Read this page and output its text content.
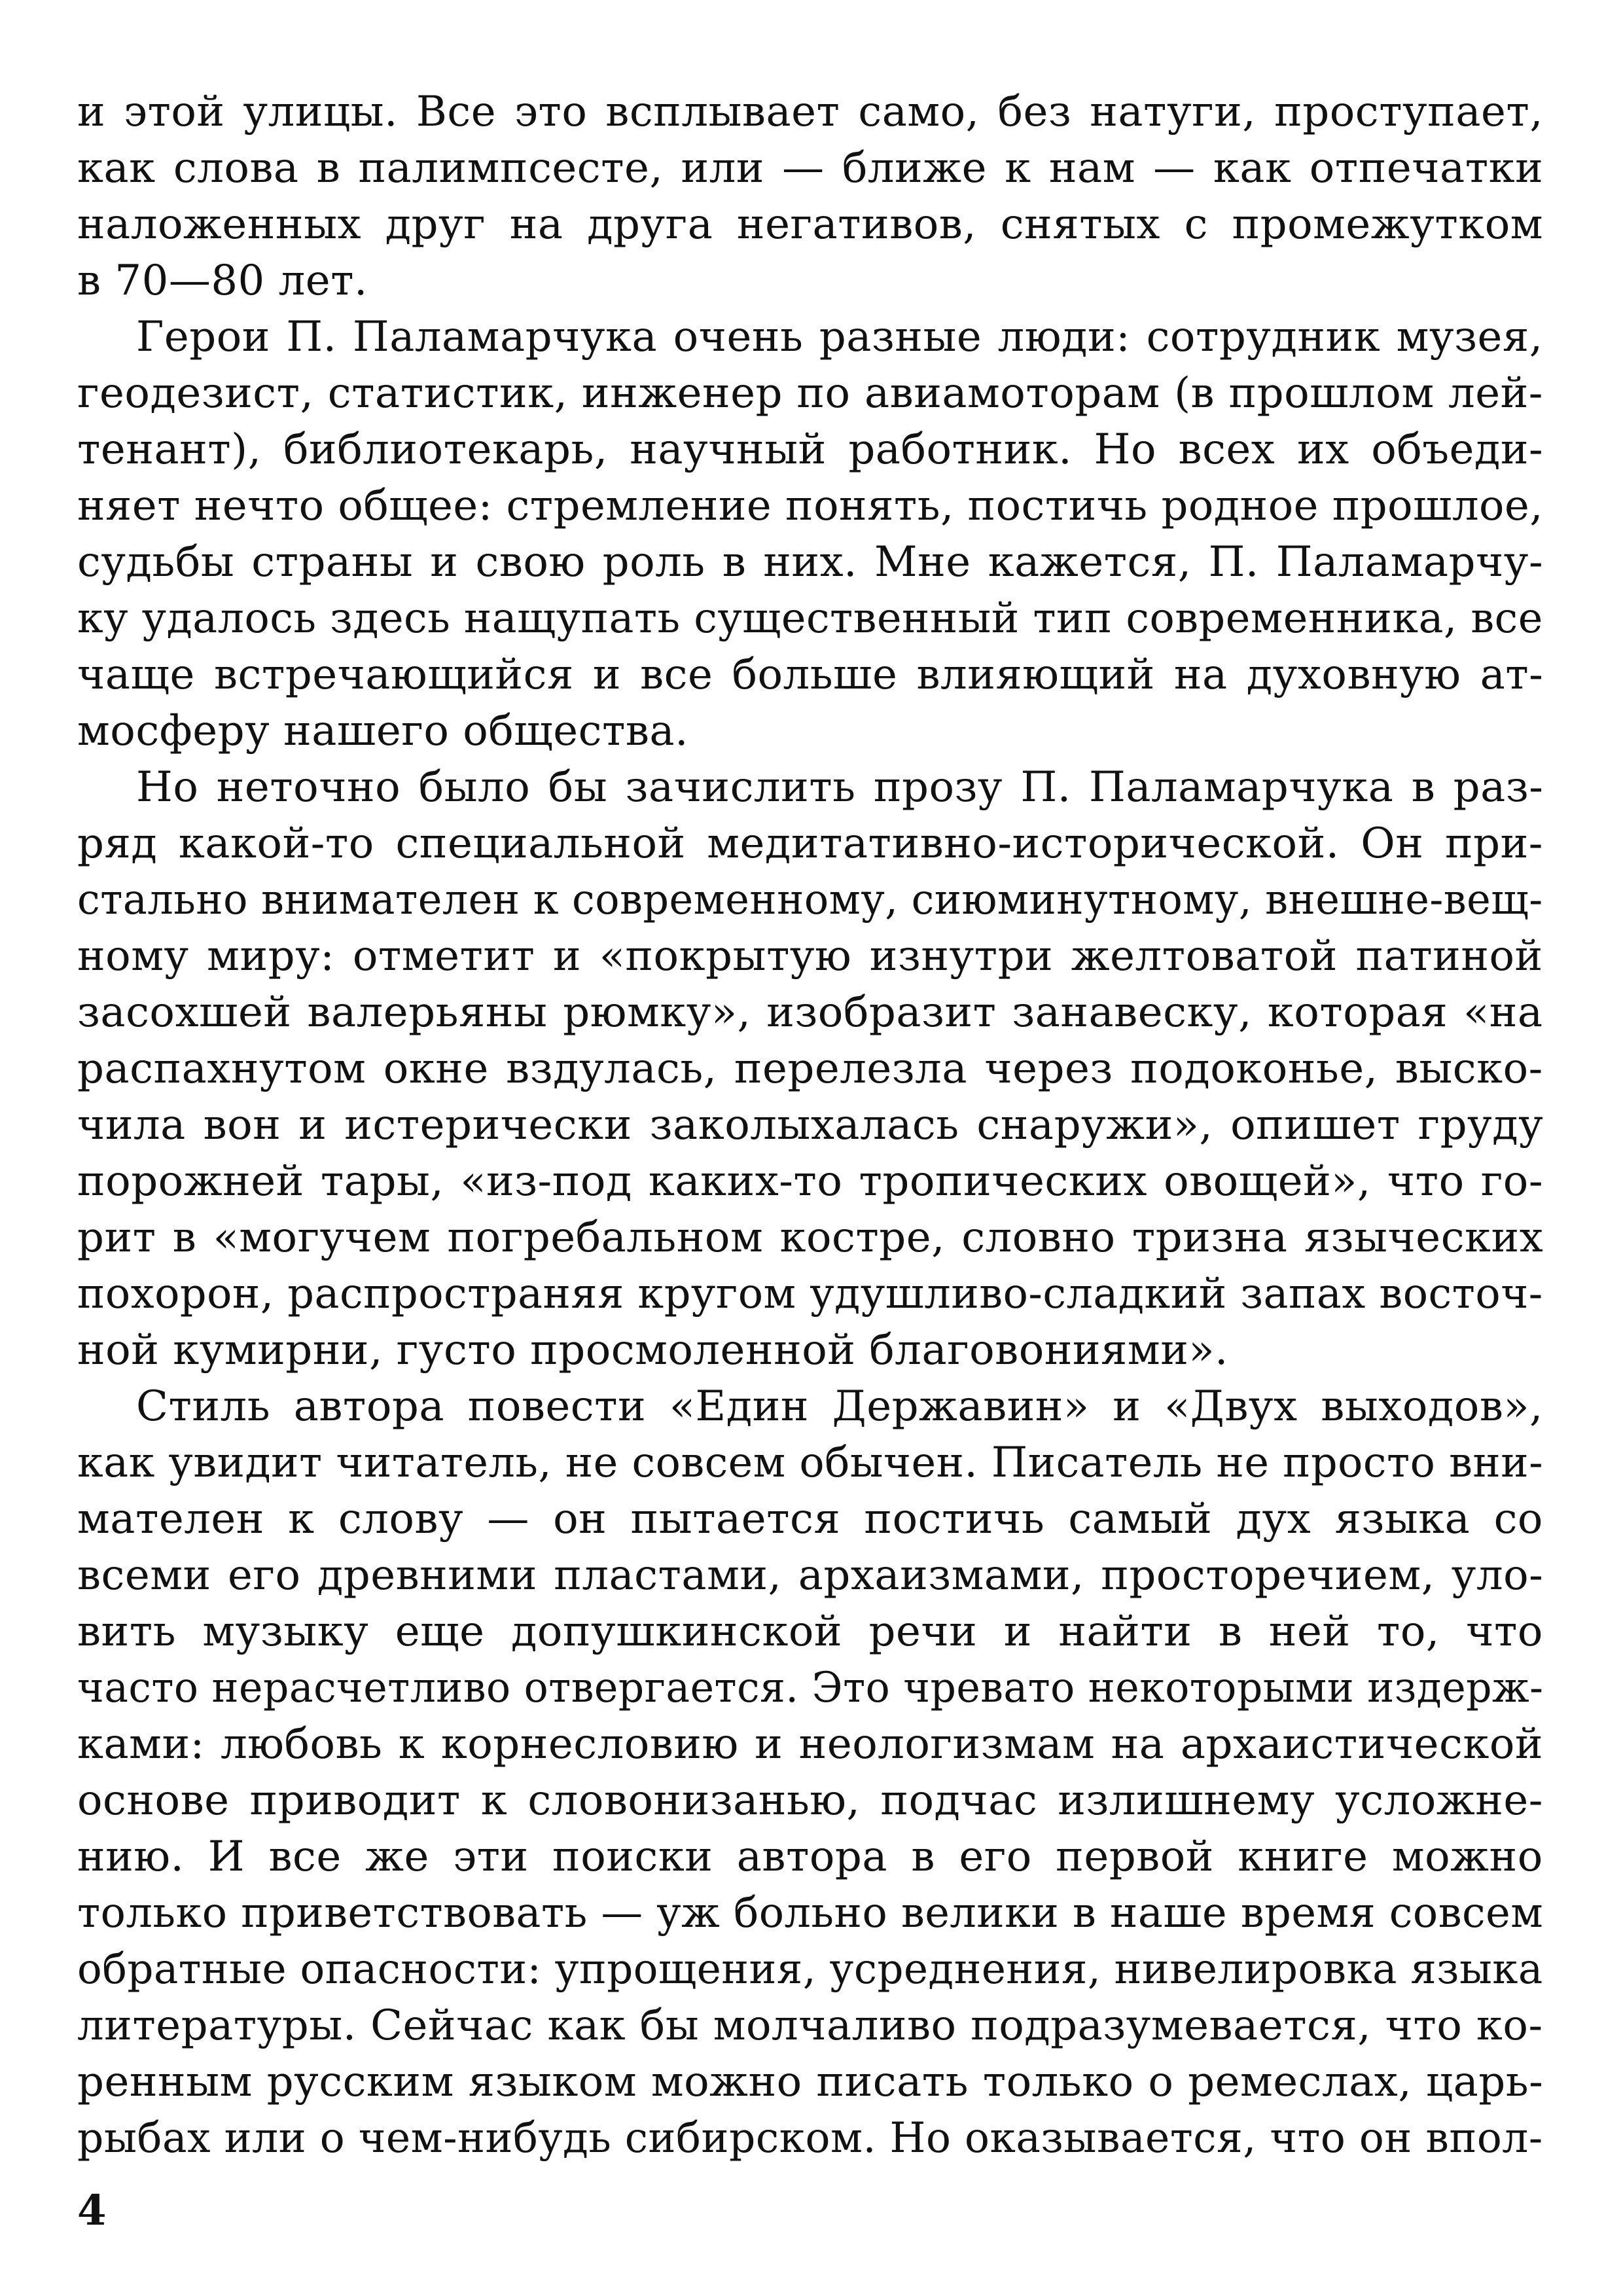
и этой улицы. Все это всплывает само, без натуги, проступает,
как слова в палимпсесте, или — ближе к нам — как отпечатки
наложенных друг на друга негативов, снятых с промежутком
в 70—80 лет.
Герои П. Паламарчука очень разные люди: сотрудник музея,
геодезист, статистик, инженер по авиамоторам (в прошлом лей-
тенант), библиотекарь, научный работник. Но всех их объеди-
няет нечто общее: стремление понять, постичь родное прошлое,
судьбы страны и свою роль в них. Мне кажется, П. Паламарчу-
ку удалось здесь нащупать существенный тип современника, все
чаще встречающийся и все больше влияющий на духовную ат-
мосферу нашего общества.
Но неточно было бы зачислить прозу П. Паламарчука в раз-
ряд какой-то специальной медитативно-исторической. Он при-
стально внимателен к современному, сиюминутному, внешне-вещ-
ному миру: отметит и «покрытую изнутри желтоватой патиной
засохшей валерьяны рюмку», изобразит занавеску, которая «на
распахнутом окне вздулась, перелезла через подоконье, выско-
чила вон и истерически заколыхалась снаружи», опишет груду
порожней тары, «из-под каких-то тропических овощей», что го-
рит в «могучем погребальном костре, словно тризна языческих
похорон, распространяя кругом удушливо-сладкий запах восточ-
ной кумирни, густо просмоленной благовониями».
Стиль автора повести «Един Державин» и «Двух выходов»,
как увидит читатель, не совсем обычен. Писатель не просто вни-
мателен к слову — он пытается постичь самый дух языка со
всеми его древними пластами, архаизмами, просторечием, уло-
вить музыку еще допушкинской речи и найти в ней то, что
часто нерасчетливо отвергается. Это чревато некоторыми издерж-
ками: любовь к корнесловию и неологизмам на архаистической
основе приводит к словонизанью, подчас излишнему усложне-
нию. И все же эти поиски автора в его первой книге можно
только приветствовать — уж больно велики в наше время совсем
обратные опасности: упрощения, усреднения, нивелировка языка
литературы. Сейчас как бы молчаливо подразумевается, что ко-
ренным русским языком можно писать только о ремеслах, царь-
рыбах или о чем-нибудь сибирском. Но оказывается, что он впол-
4
